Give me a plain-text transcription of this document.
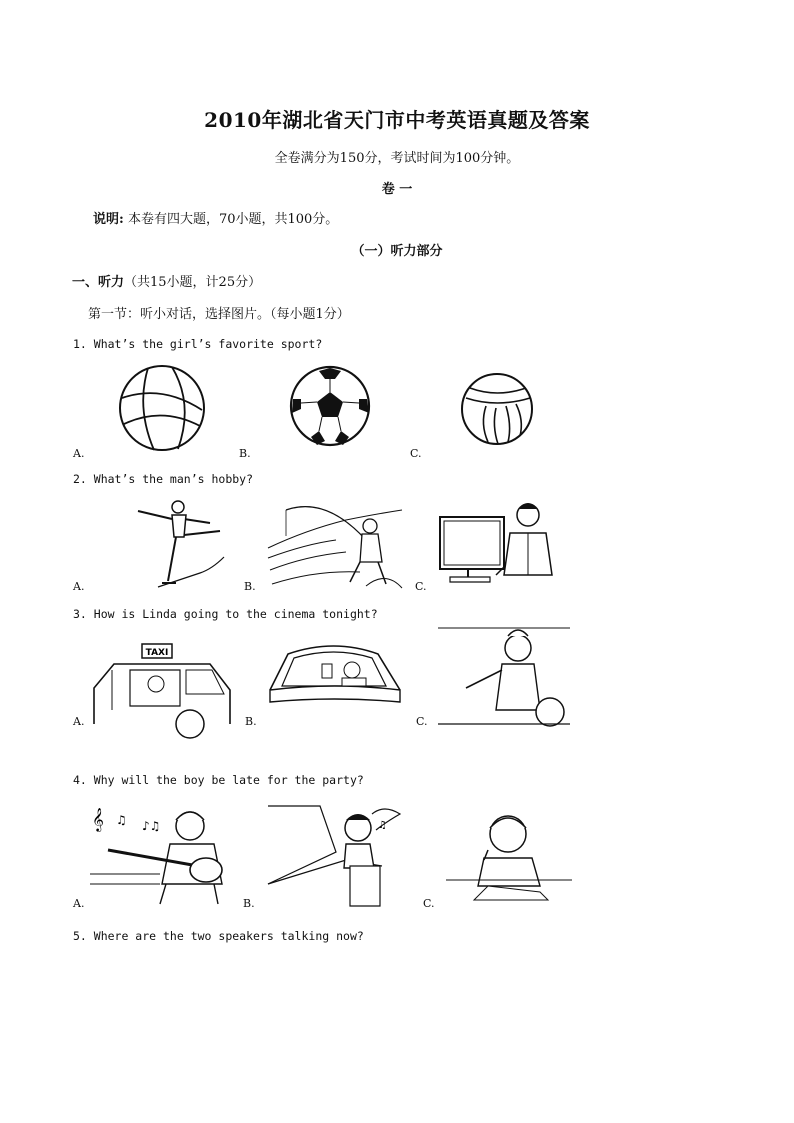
2010年湖北省天门市中考英语真题及答案
全卷满分为150分，考试时间为100分钟。
卷 一
说明: 本卷有四大题，70小题，共100分。
（一）听力部分
一、听力（共15小题，计25分）
第一节：听小对话，选择图片。（每小题1分）
1. What’s the girl’s favorite sport?
A.	B.	C.
2. What’s the man’s hobby?
A.	B.	C.
3. How is Linda going to the cinema tonight?
TAXI
A.	B.	C.
4. Why will the boy be late for the party?
𝄞 ♫ ♪♫	♫
A.	B.	C.
5. Where are the two speakers talking now?
